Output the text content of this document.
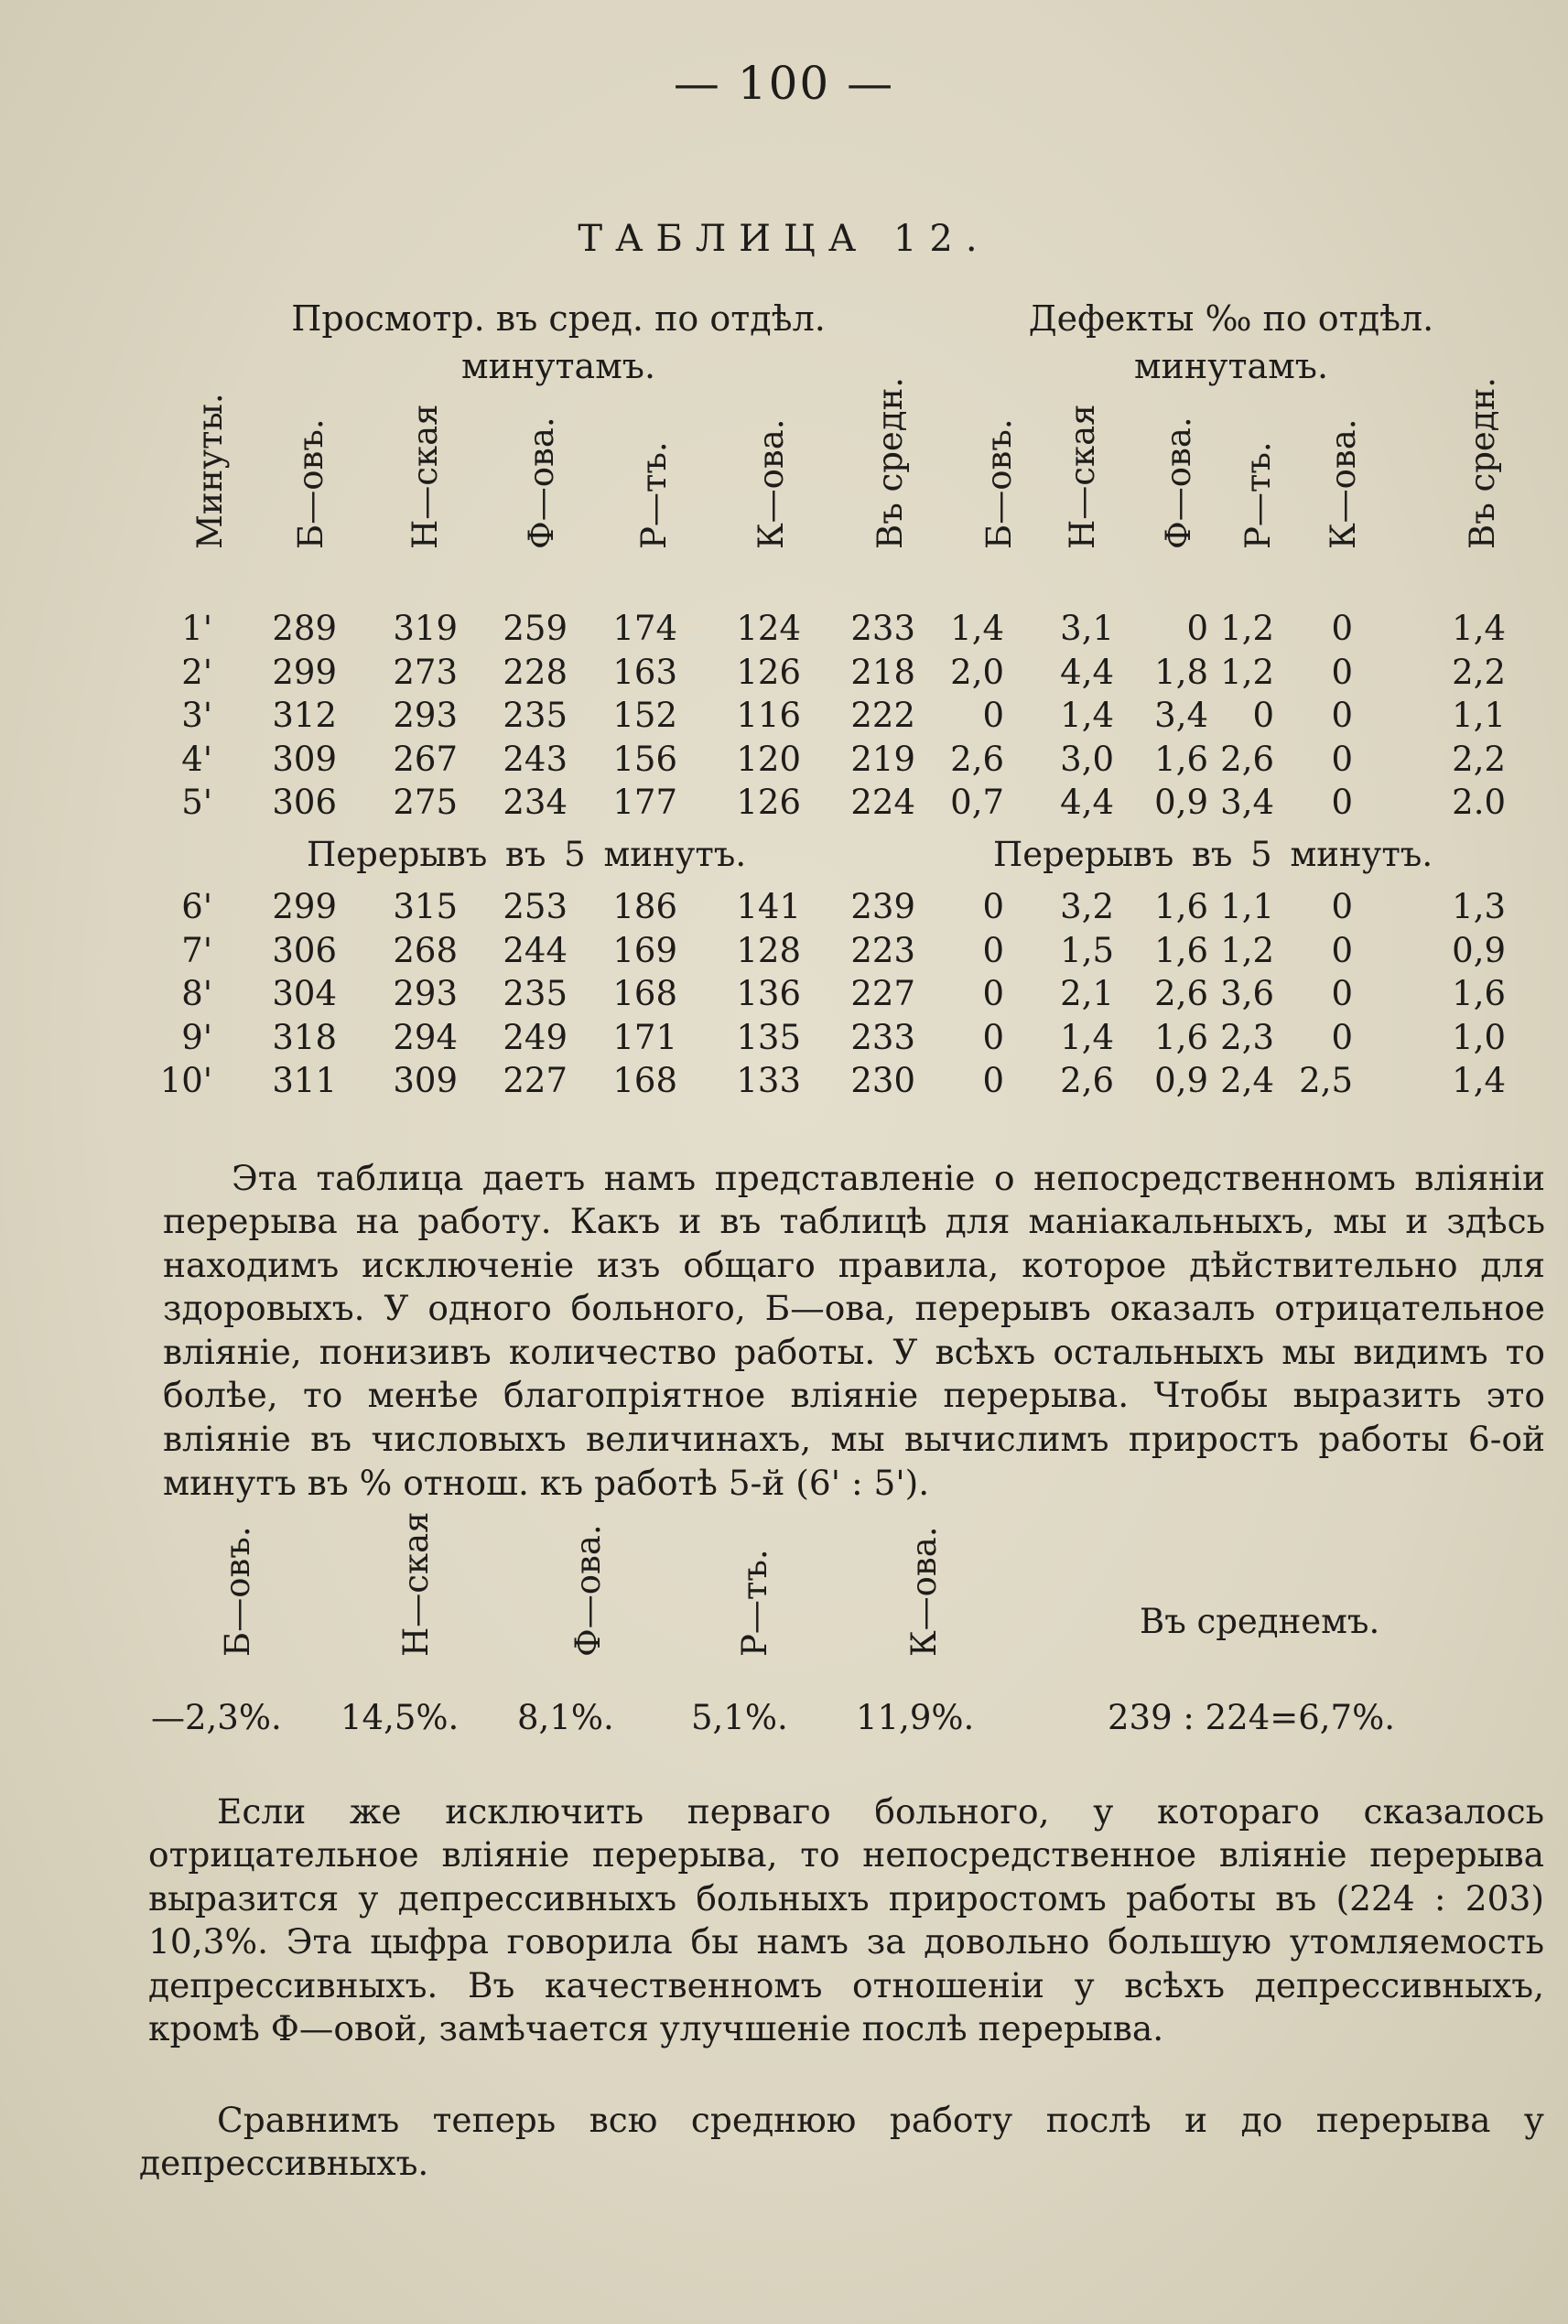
— 100 —
ТАБЛИЦА 12.
Просмотр. въ сред. по отдѣл. минутамъ.
Дефекты ‰ по отдѣл. минутамъ.
Минуты. Б—овъ. Н—ская Ф—ова. Р—тъ. К—ова. Въ средн. Б—овъ. Н—ская Ф—ова. Р—тъ. К—ова.	Въ средн.
1' 289 319 259 174 124 233 1,4 3,1 0 1,2 0	1,4
2' 299 273 228 163 126 218 2,0 4,4 1,8 1,2 0	2,2
3' 312 293 235 152 116 222 0 1,4 3,4 0 0	1,1
4' 309 267 243 156 120 219 2,6 3,0 1,6 2,6 0	2,2
5' 306 275 234 177 126 224 0,7 4,4 0,9 3,4 0	2.0
Перерывъ въ 5 минутъ.	Перерывъ въ 5 минутъ.
6' 299 315 253 186 141 239 0 3,2 1,6 1,1 0	1,3
7' 306 268 244 169 128 223 0 1,5 1,6 1,2 0	0,9
8' 304 293 235 168 136 227 0 2,1 2,6 3,6 0	1,6
9' 318 294 249 171 135 233 0 1,4 1,6 2,3 0	1,0
10' 311 309 227 168 133 230 0 2,6 0,9 2,4 2,5	1,4

Эта таблица даетъ намъ представленіе о непосредственномъ вліяніи перерыва на работу. Какъ и въ таблицѣ для маніакальныхъ, мы и здѣсь находимъ исключеніе изъ общаго правила, которое дѣйствительно для здоровыхъ. У одного больного, Б—ова, перерывъ оказалъ отрицательное вліяніе, понизивъ количество работы. У всѣхъ остальныхъ мы видимъ то болѣе, то менѣе благопріятное вліяніе перерыва. Чтобы выразить это вліяніе въ числовыхъ величинахъ, мы вычислимъ приростъ работы 6-ой минутъ въ % отнош. къ работѣ 5-й (6' : 5').

Б—овъ.	Н—ская	Ф—ова.	Р—тъ.	К—ова.
—2,3%. 14,5%. 8,1%. 5,1%. 11,9%.
Въ среднемъ.
239 : 224=6,7%.

Если же исключить перваго больного, у котораго сказалось отрицательное вліяніе перерыва, то непосредственное вліяніе перерыва выразится у депрессивныхъ больныхъ приростомъ работы въ (224 : 203) 10,3%. Эта цыфра говорила бы намъ за довольно большую утомляемость депрессивныхъ. Въ качественномъ отношеніи у всѣхъ депрессивныхъ, кромѣ Ф—овой, замѣчается улучшеніе послѣ перерыва.

Сравнимъ теперь всю среднюю работу послѣ и до перерыва у депрессивныхъ.
